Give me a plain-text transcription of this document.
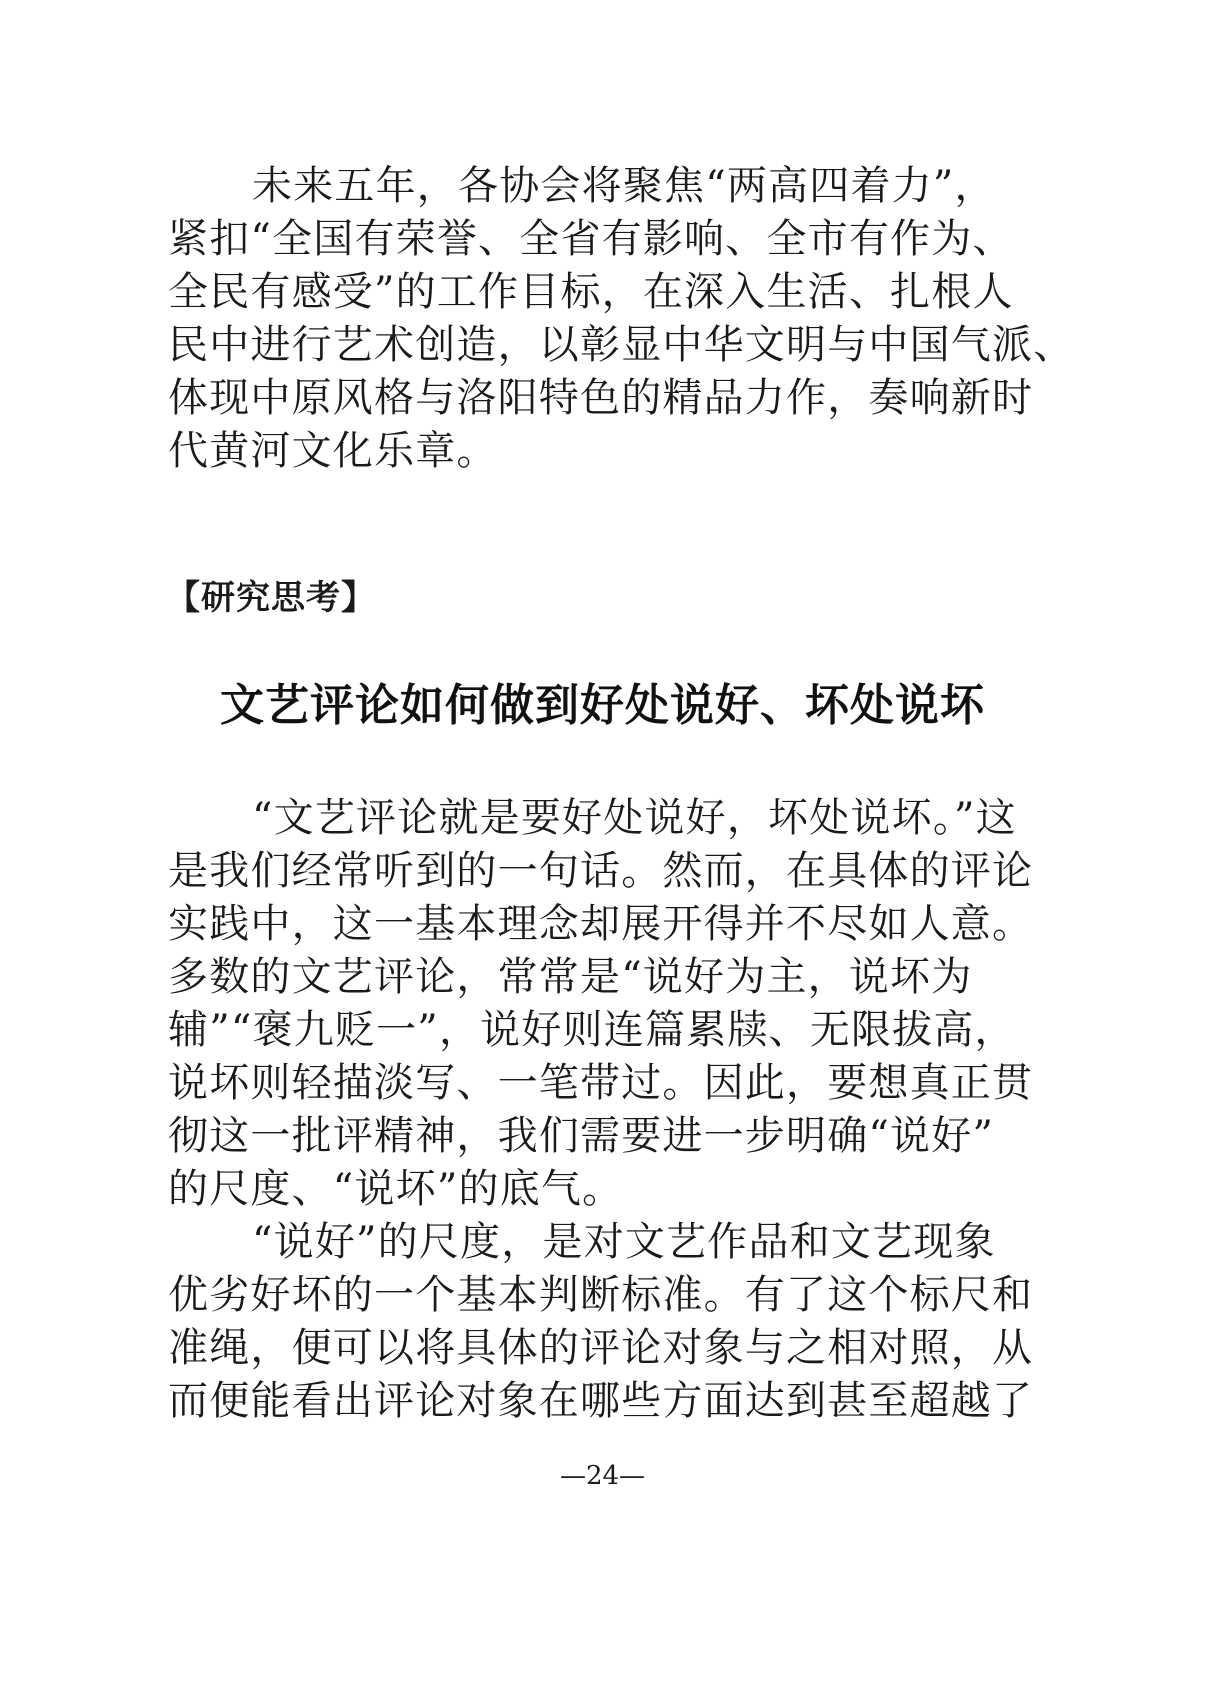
未来五年，各协会将聚焦“两高四着力”，
紧扣“全国有荣誉、全省有影响、全市有作为、
全民有感受”的工作目标，在深入生活、扎根人
民中进行艺术创造，以彰显中华文明与中国气派、
体现中原风格与洛阳特色的精品力作，奏响新时
代黄河文化乐章。
【研究思考】
文艺评论如何做到好处说好、坏处说坏
“文艺评论就是要好处说好，坏处说坏。”这
是我们经常听到的一句话。然而，在具体的评论
实践中，这一基本理念却展开得并不尽如人意。
多数的文艺评论，常常是“说好为主，说坏为
辅”“褒九贬一”，说好则连篇累牍、无限拔高，
说坏则轻描淡写、一笔带过。因此，要想真正贯
彻这一批评精神，我们需要进一步明确“说好”
的尺度、“说坏”的底气。
“说好”的尺度，是对文艺作品和文艺现象
优劣好坏的一个基本判断标准。有了这个标尺和
准绳，便可以将具体的评论对象与之相对照，从
而便能看出评论对象在哪些方面达到甚至超越了
—24—
